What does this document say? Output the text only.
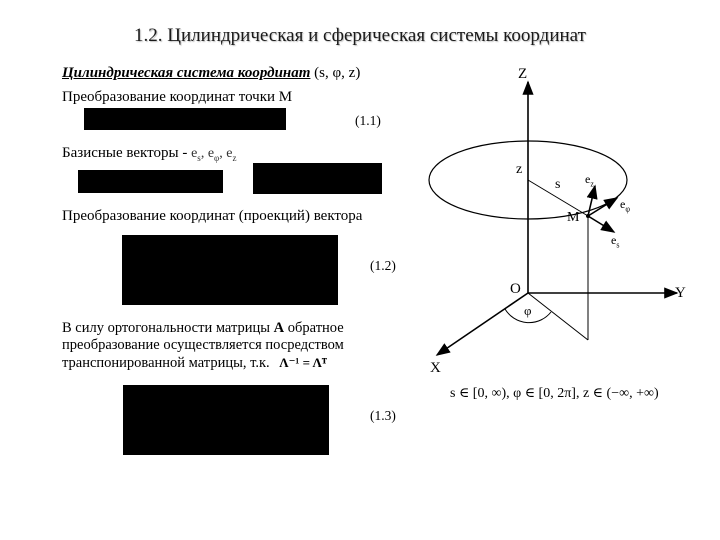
1.2. Цилиндрическая и сферическая системы координат
Цилиндрическая система координат (s, φ, z)
Преобразование координат точки М
(1.1)
Базисные векторы - $e_s$, $e_\varphi$, $e_z$
Преобразование координат (проекций) вектора
(1.2)
В силу ортогональности матрицы A обратное преобразование осуществляется посредством транспонированной матрицы, т.к. Λ⁻¹ = Λᵀ
(1.3)
s ∈ [0, ∞), φ ∈ [0, 2π], z ∈ (−∞, +∞)
Z
Y
X
O
z
s
M
φ
$e_z$
$e_\varphi$
$e_s$
